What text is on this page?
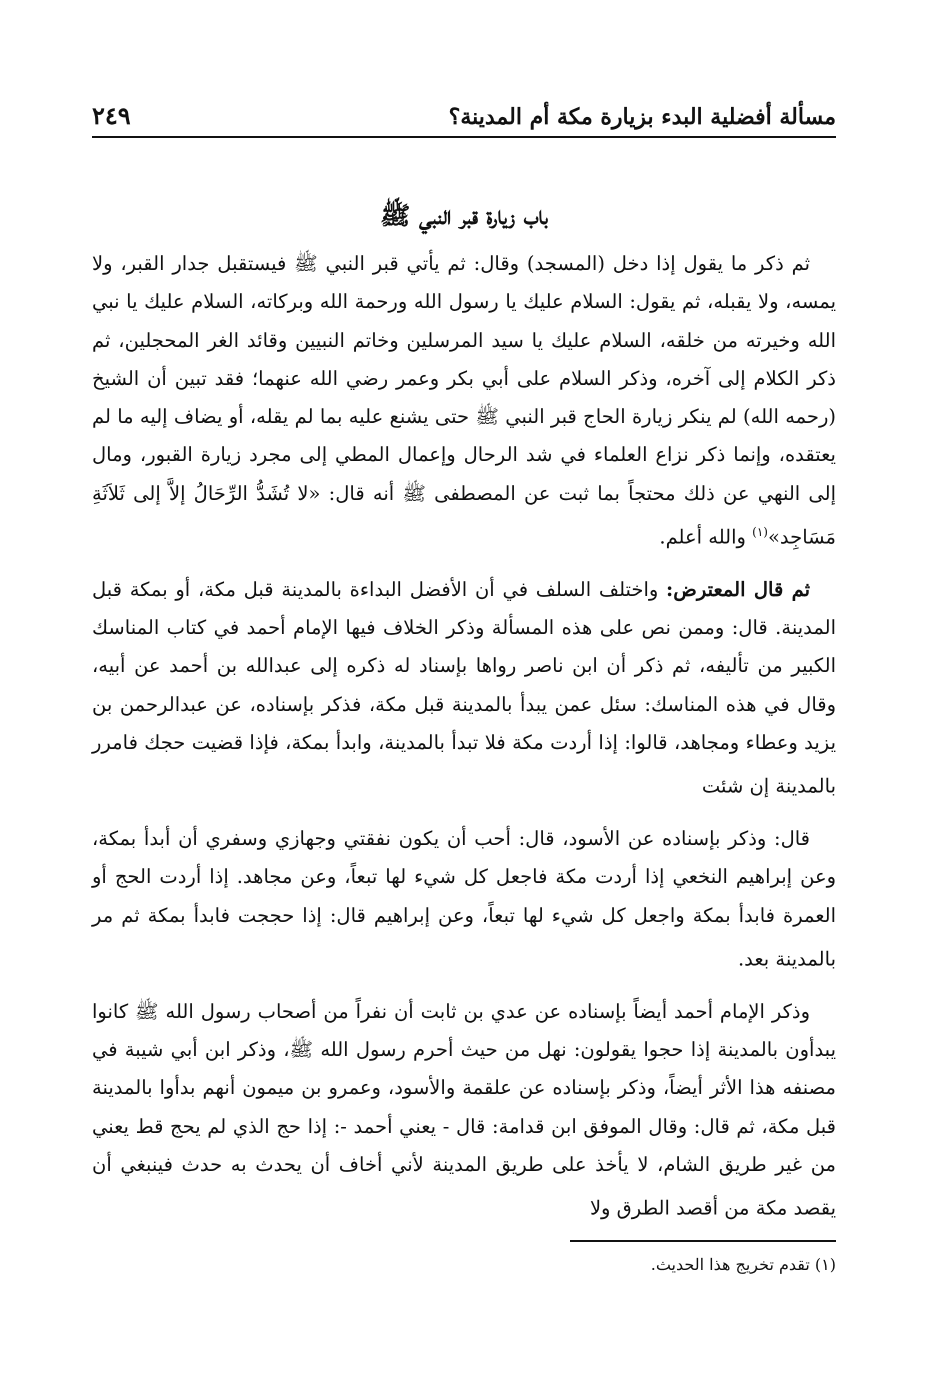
٢٤٩	مسألة أفضلية البدء بزيارة مكة أم المدينة؟
باب زيارة قبر النبي ﷺ

ثم ذكر ما يقول إذا دخل (المسجد) وقال: ثم يأتي قبر النبي ﷺ فيستقبل جدار القبر، ولا يمسه، ولا يقبله، ثم يقول: السلام عليك يا رسول الله ورحمة الله وبركاته، السلام عليك يا نبي الله وخيرته من خلقه، السلام عليك يا سيد المرسلين وخاتم النبيين وقائد الغر المحجلين، ثم ذكر الكلام إلى آخره، وذكر السلام على أبي بكر وعمر رضي الله عنهما؛ فقد تبين أن الشيخ (رحمه الله) لم ينكر زيارة الحاج قبر النبي ﷺ حتى يشنع عليه بما لم يقله، أو يضاف إليه ما لم يعتقده، وإنما ذكر نزاع العلماء في شد الرحال وإعمال المطي إلى مجرد زيارة القبور، ومال إلى النهي عن ذلك محتجاً بما ثبت عن المصطفى ﷺ أنه قال: «لا تُشَدُّ الرِّحَالُ إلاَّ إلى ثَلاَثَةِ مَسَاجِد»$^{(١)}$ والله أعلم.

ثم قال المعترض: واختلف السلف في أن الأفضل البداءة بالمدينة قبل مكة، أو بمكة قبل المدينة. قال: وممن نص على هذه المسألة وذكر الخلاف فيها الإمام أحمد في كتاب المناسك الكبير من تأليفه، ثم ذكر أن ابن ناصر رواها بإسناد له ذكره إلى عبدالله بن أحمد عن أبيه، وقال في هذه المناسك: سئل عمن يبدأ بالمدينة قبل مكة، فذكر بإسناده، عن عبدالرحمن بن يزيد وعطاء ومجاهد، قالوا: إذا أردت مكة فلا تبدأ بالمدينة، وابدأ بمكة، فإذا قضيت حجك فامرر بالمدينة إن شئت

قال: وذكر بإسناده عن الأسود، قال: أحب أن يكون نفقتي وجهازي وسفري أن أبدأ بمكة، وعن إبراهيم النخعي إذا أردت مكة فاجعل كل شيء لها تبعاً، وعن مجاهد. إذا أردت الحج أو العمرة فابدأ بمكة واجعل كل شيء لها تبعاً، وعن إبراهيم قال: إذا حججت فابدأ بمكة ثم مر بالمدينة بعد.

وذكر الإمام أحمد أيضاً بإسناده عن عدي بن ثابت أن نفراً من أصحاب رسول الله ﷺ كانوا يبدأون بالمدينة إذا حجوا يقولون: نهل من حيث أحرم رسول الله ﷺ، وذكر ابن أبي شيبة في مصنفه هذا الأثر أيضاً، وذكر بإسناده عن علقمة والأسود، وعمرو بن ميمون أنهم بدأوا بالمدينة قبل مكة، ثم قال: وقال الموفق ابن قدامة: قال - يعني أحمد -: إذا حج الذي لم يحج قط يعني من غير طريق الشام، لا يأخذ على طريق المدينة لأني أخاف أن يحدث به حدث فينبغي أن يقصد مكة من أقصد الطرق ولا

(١) تقدم تخريج هذا الحديث.
